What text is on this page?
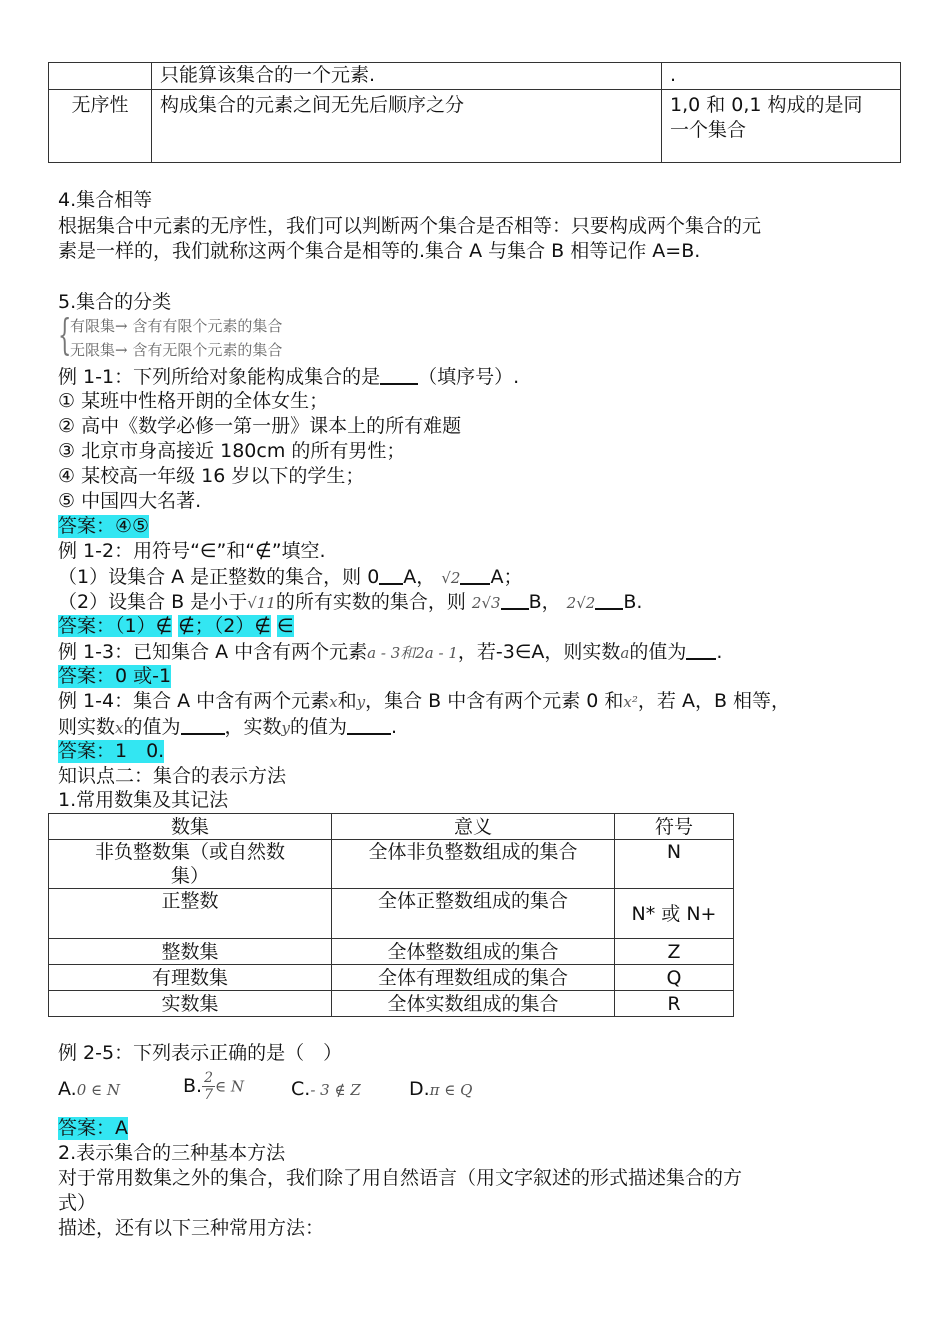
	只能算该集合的一个元素.	.
无序性	构成集合的元素之间无先后顺序之分	1,0 和 0,1 构成的是同
一个集合
4.集合相等
根据集合中元素的无序性，我们可以判断两个集合是否相等：只要构成两个集合的元
素是一样的，我们就称这两个集合是相等的.集合 A 与集合 B 相等记作 A=B.
5.集合的分类
{
有限集→ 含有有限个元素的集合
无限集→ 含有无限个元素的集合
例 1-1：下列所给对象能构成集合的是 （填序号）.
① 某班中性格开朗的全体女生；
② 高中《数学必修一第一册》课本上的所有难题
③ 北京市身高接近 180cm 的所有男性；
④ 某校高一年级 16 岁以下的学生；
⑤ 中国四大名著.
答案：④⑤
例 1-2：用符号“∈”和“∉”填空.
（1）设集合 A 是正整数的集合，则 0 A， √2 A；
（2）设集合 B 是小于√11的所有实数的集合，则 2√3 B， 2√2 B.
答案：（1）∉ ∉；（2）∉ ∈
例 1-3：已知集合 A 中含有两个元素a - 3和2a - 1，若-3∈A，则实数a的值为 .
答案：0 或-1
例 1-4：集合 A 中含有两个元素x和y，集合 B 中含有两个元素 0 和x²，若 A，B 相等，
则实数x的值为 ，实数y的值为 .
答案：1　0.
知识点二：集合的表示方法
1.常用数集及其记法
数集	意义	符号

非负整数集（或自然数
集）	全体非负整数组成的集合	N
正整数	全体正整数组成的集合	N* 或 N+
整数集	全体整数组成的集合	Z
有理数集	全体有理数组成的集合	Q
实数集	全体实数组成的集合	R
例 2-5：下列表示正确的是（　）
A.0 ∈ N	B. $\frac{2}{7}\in$ N C.- 3 ∉ Z	D.π ∈ Q
答案：A
2.表示集合的三种基本方法
对于常用数集之外的集合，我们除了用自然语言（用文字叙述的形式描述集合的方
式）
描述，还有以下三种常用方法：
